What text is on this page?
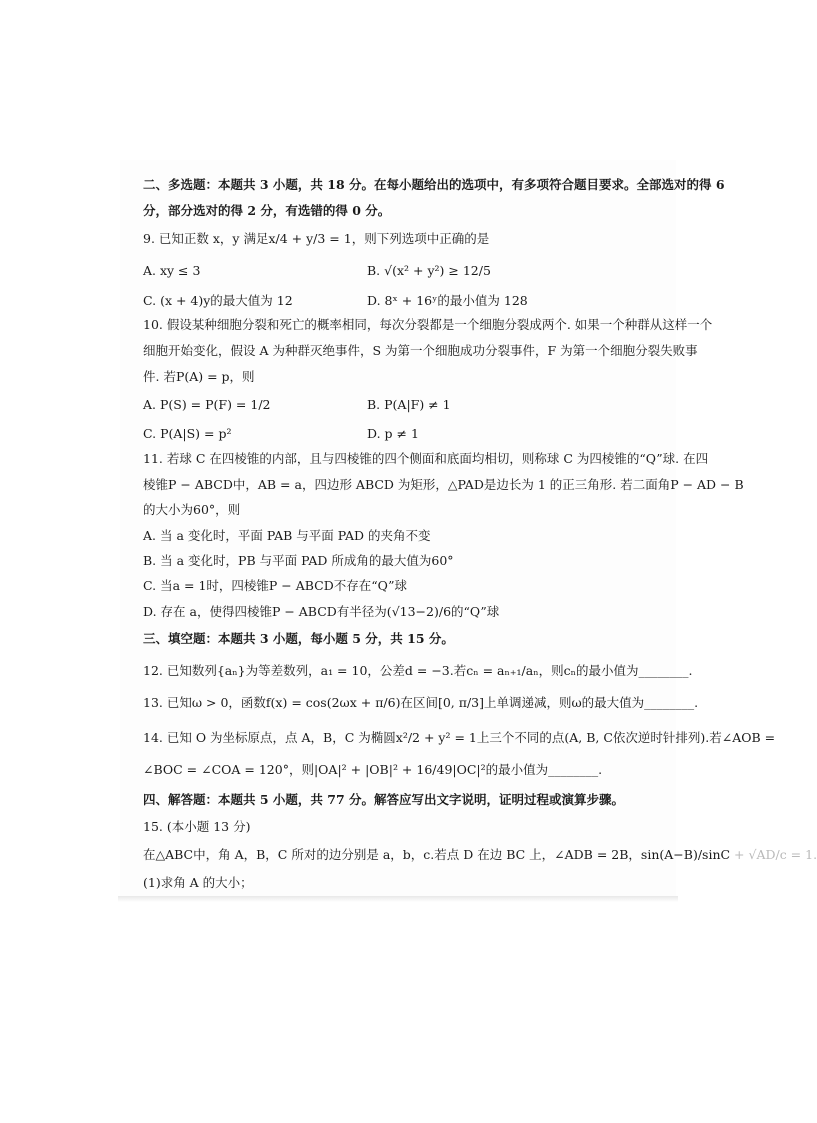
二、多选题：本题共 3 小题，共 18 分。在每小题给出的选项中，有多项符合题目要求。全部选对的得 6
分，部分选对的得 2 分，有选错的得 0 分。
9. 已知正数 x，y 满足x/4 + y/3 = 1，则下列选项中正确的是
A. xy ≤ 3	B. √(x² + y²) ≥ 12/5
C. (x + 4)y的最大值为 12	D. 8ˣ + 16ʸ的最小值为 128
10. 假设某种细胞分裂和死亡的概率相同，每次分裂都是一个细胞分裂成两个. 如果一个种群从这样一个
细胞开始变化，假设 A 为种群灭绝事件，S 为第一个细胞成功分裂事件，F 为第一个细胞分裂失败事
件. 若P(A) = p，则
A. P(S) = P(F) = 1/2	B. P(A|F) ≠ 1
C. P(A|S) = p²	D. p ≠ 1
11. 若球 C 在四棱锥的内部，且与四棱锥的四个侧面和底面均相切，则称球 C 为四棱锥的“Q”球. 在四
棱锥P − ABCD中，AB = a，四边形 ABCD 为矩形，△PAD是边长为 1 的正三角形. 若二面角P − AD − B
的大小为60°，则
A. 当 a 变化时，平面 PAB 与平面 PAD 的夹角不变
B. 当 a 变化时，PB 与平面 PAD 所成角的最大值为60°
C. 当a = 1时，四棱锥P − ABCD不存在“Q”球
D. 存在 a，使得四棱锥P − ABCD有半径为(√13−2)/6的“Q”球
三、填空题：本题共 3 小题，每小题 5 分，共 15 分。
12. 已知数列{aₙ}为等差数列，a₁ = 10，公差d = −3.若cₙ = aₙ₊₁/aₙ，则cₙ的最小值为________.
13. 已知ω > 0，函数f(x) = cos(2ωx + π/6)在区间[0, π/3]上单调递减，则ω的最大值为________.
14. 已知 O 为坐标原点，点 A，B，C 为椭圆x²/2 + y² = 1上三个不同的点(A, B, C依次逆时针排列).若∠AOB =
∠BOC = ∠COA = 120°，则|OA|² + |OB|² + 16/49|OC|²的最小值为________.
四、解答题：本题共 5 小题，共 77 分。解答应写出文字说明，证明过程或演算步骤。
15. (本小题 13 分)
在△ABC中，角 A，B，C 所对的边分别是 a，b，c.若点 D 在边 BC 上，∠ADB = 2B，sin(A−B)/sinC + √AD/c = 1.
(1)求角 A 的大小；
